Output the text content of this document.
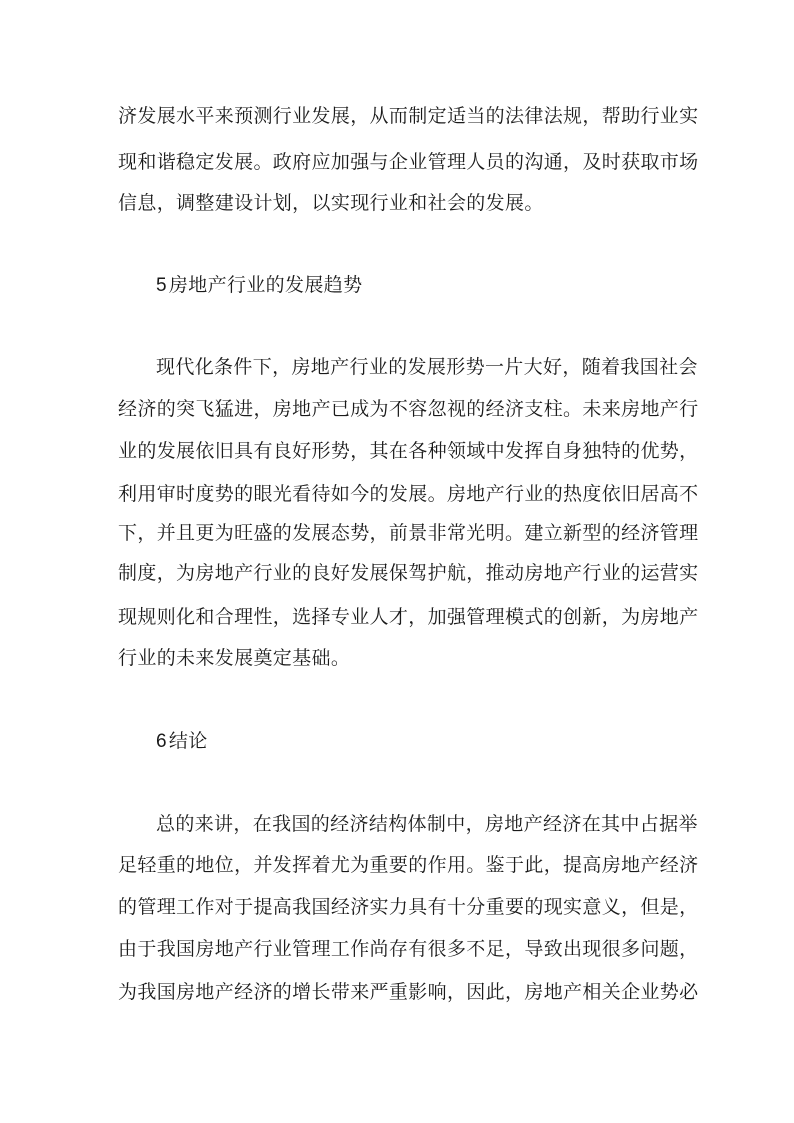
济发展水平来预测行业发展，从而制定适当的法律法规，帮助行业实
现和谐稳定发展。政府应加强与企业管理人员的沟通，及时获取市场
信息，调整建设计划，以实现行业和社会的发展。
5 房地产行业的发展趋势
现代化条件下，房地产行业的发展形势一片大好，随着我国社会
经济的突飞猛进，房地产已成为不容忽视的经济支柱。未来房地产行
业的发展依旧具有良好形势，其在各种领域中发挥自身独特的优势，
利用审时度势的眼光看待如今的发展。房地产行业的热度依旧居高不
下，并且更为旺盛的发展态势，前景非常光明。建立新型的经济管理
制度，为房地产行业的良好发展保驾护航，推动房地产行业的运营实
现规则化和合理性，选择专业人才，加强管理模式的创新，为房地产
行业的未来发展奠定基础。
6 结论
总的来讲，在我国的经济结构体制中，房地产经济在其中占据举
足轻重的地位，并发挥着尤为重要的作用。鉴于此，提高房地产经济
的管理工作对于提高我国经济实力具有十分重要的现实意义，但是，
由于我国房地产行业管理工作尚存有很多不足，导致出现很多问题，
为我国房地产经济的增长带来严重影响，因此，房地产相关企业势必
